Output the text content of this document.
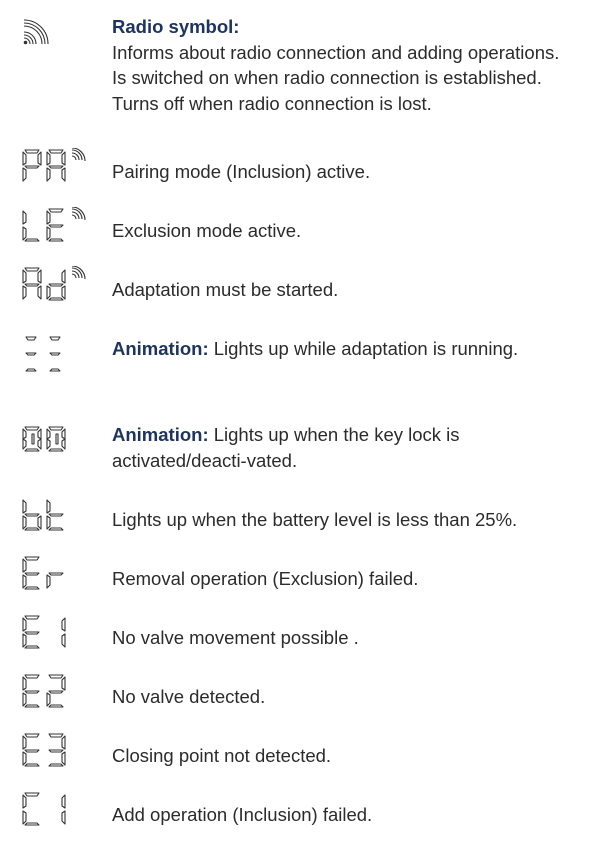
Radio symbol:
Informs about radio connection and adding operations.
Is switched on when radio connection is established.
Turns off when radio connection is lost.
Pairing mode (Inclusion) active.
Exclusion mode active.
Adaptation must be started.
Animation: Lights up while adaptation is running.
Animation: Lights up when the key lock is activated/deacti-vated.
Lights up when the battery level is less than 25%.
Removal operation (Exclusion) failed.
No valve movement possible .
No valve detected.
Closing point not detected.
Add operation (Inclusion) failed.
